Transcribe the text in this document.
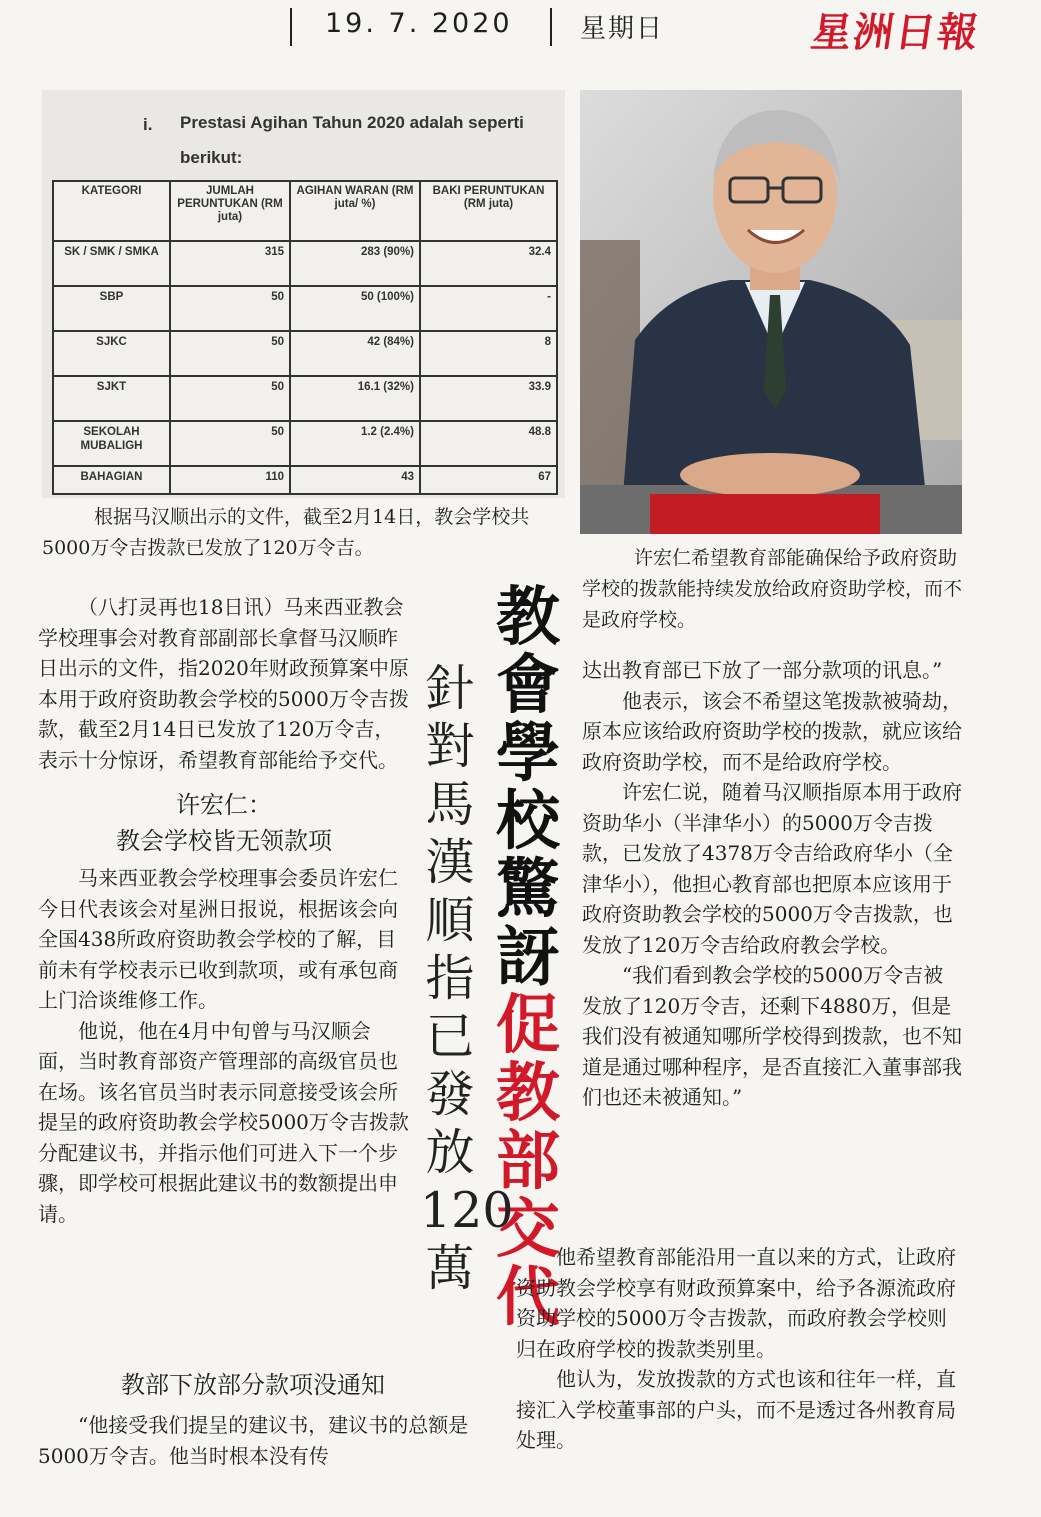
19. 7. 2020	星期日	星洲日報
i. Prestasi Agihan Tahun 2020 adalah seperti
berikut:
KATEGORI	JUMLAH PERUNTUKAN (RM juta)	AGIHAN WARAN (RM juta/ %)	BAKI PERUNTUKAN (RM juta)
SK / SMK / SMKA	315	283 (90%)	32.4
SBP	50	50 (100%)	-
SJKC	50	42 (84%)	8
SJKT	50	16.1 (32%)	33.9
SEKOLAH MUBALIGH	50	1.2 (2.4%)	48.8
BAHAGIAN	110	43	67
根据马汉顺出示的文件，截至2月14日，教会学校共5000万令吉拨款已发放了120万令吉。	许宏仁希望教育部能确保给予政府资助学校的拨款能持续发放给政府资助学校，而不是政府学校。

（八打灵再也18日讯）马来西亚教会学校理事会对教育部副部长拿督马汉顺昨日出示的文件，指2020年财政预算案中原本用于政府资助教会学校的5000万令吉拨款，截至2月14日已发放了120万令吉，表示十分惊讶，希望教育部能给予交代。

许宏仁：
教会学校皆无领款项

马来西亚教会学校理事会委员许宏仁今日代表该会对星洲日报说，根据该会向全国438所政府资助教会学校的了解，目前未有学校表示已收到款项，或有承包商上门洽谈维修工作。

他说，他在4月中旬曾与马汉顺会面，当时教育部资产管理部的高级官员也在场。该名官员当时表示同意接受该会所提呈的政府资助教会学校5000万令吉拨款分配建议书，并指示他们可进入下一个步骤，即学校可根据此建议书的数额提出申请。

教部下放部分款项没通知

“他接受我们提呈的建议书，建议书的总额是5000万令吉。他当时根本没有传

教會學校驚訝促教部交代
針對馬漢順指已發放120萬

达出教育部已下放了一部分款项的讯息。”

他表示，该会不希望这笔拨款被骑劫，原本应该给政府资助学校的拨款，就应该给政府资助学校，而不是给政府学校。

许宏仁说，随着马汉顺指原本用于政府资助华小（半津华小）的5000万令吉拨款，已发放了4378万令吉给政府华小（全津华小），他担心教育部也把原本应该用于政府资助教会学校的5000万令吉拨款，也发放了120万令吉给政府教会学校。

“我们看到教会学校的5000万令吉被发放了120万令吉，还剩下4880万，但是我们没有被通知哪所学校得到拨款，也不知道是通过哪种程序，是否直接汇入董事部我们也还未被通知。”

他希望教育部能沿用一直以来的方式，让政府资助教会学校享有财政预算案中，给予各源流政府资助学校的5000万令吉拨款，而政府教会学校则归在政府学校的拨款类别里。

他认为，发放拨款的方式也该和往年一样，直接汇入学校董事部的户头，而不是透过各州教育局处理。
